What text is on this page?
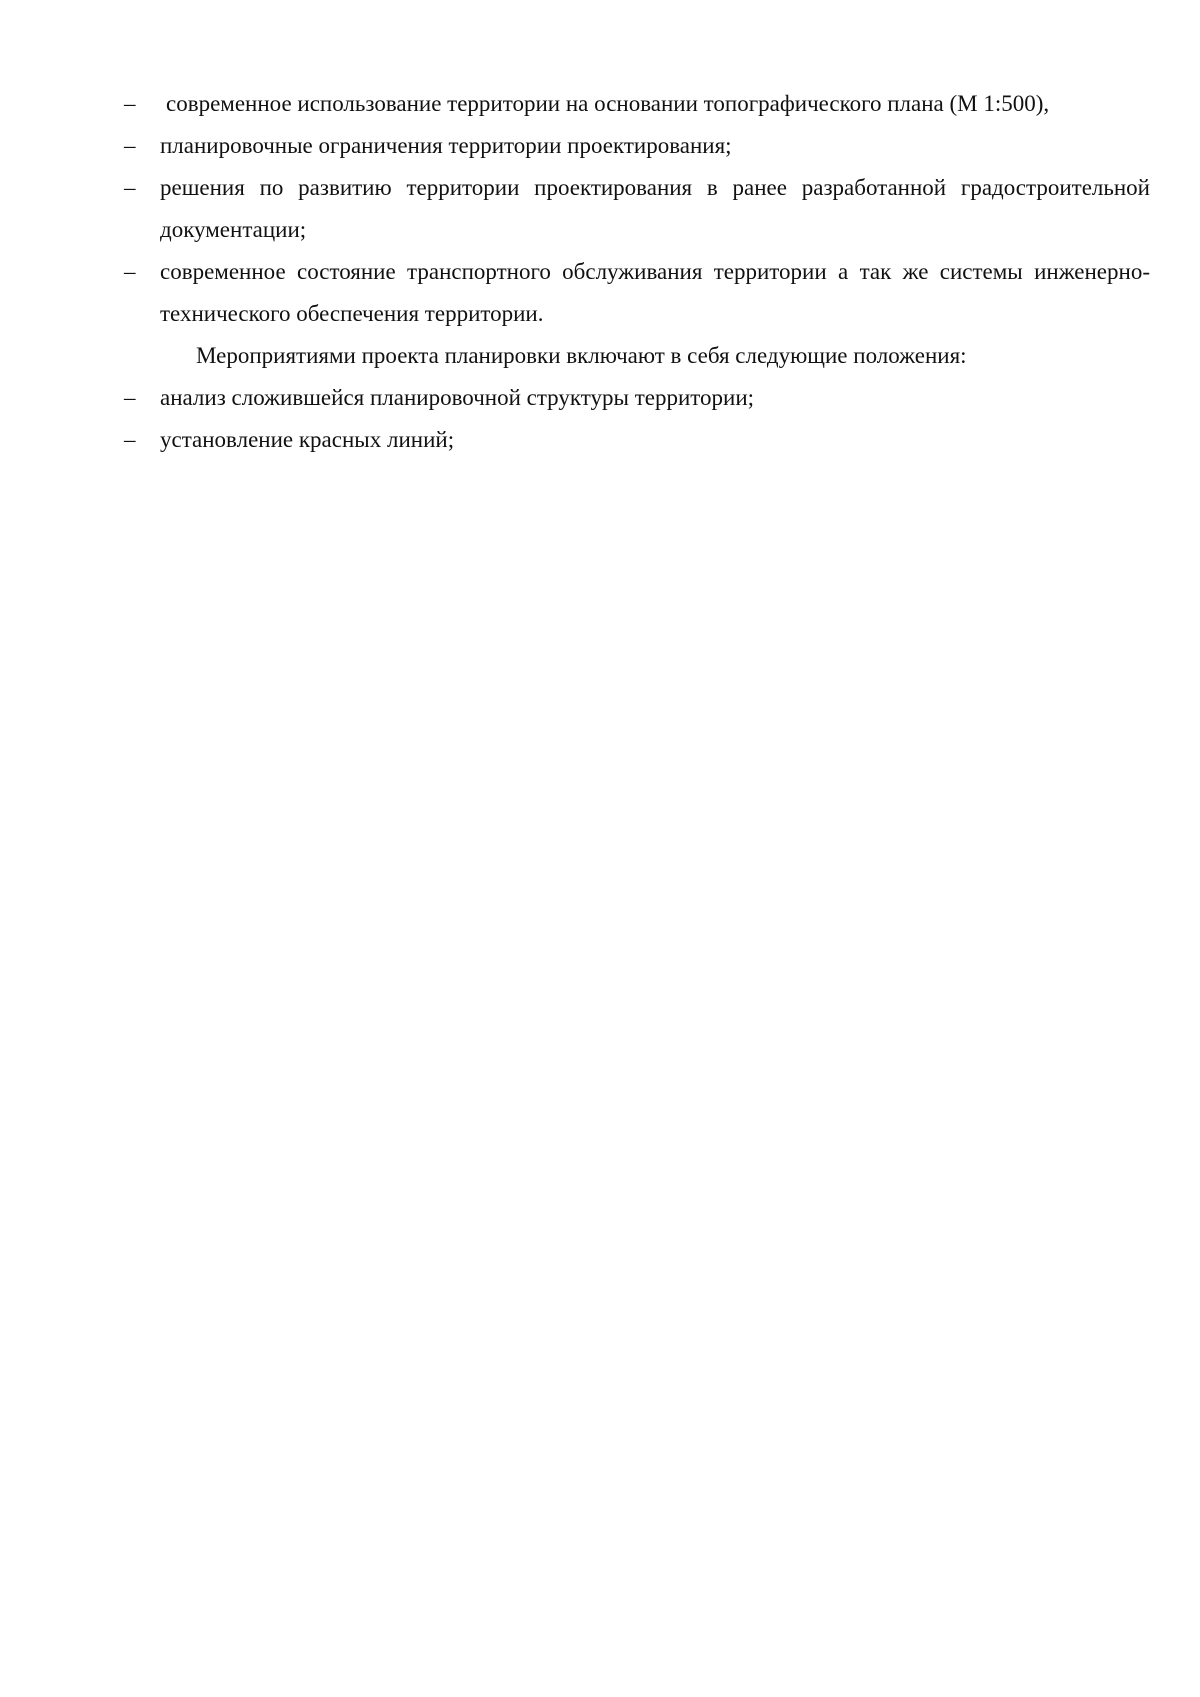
–	современное использование территории на основании топографического плана (М 1:500),
–	планировочные ограничения территории проектирования;
–	решения по развитию территории проектирования в ранее разработанной градостроительной документации;
–	современное состояние транспортного обслуживания территории а так же системы инженерно-технического обеспечения территории.
Мероприятиями проекта планировки включают в себя следующие положения:
–	анализ сложившейся планировочной структуры территории;
–	установление красных линий;
